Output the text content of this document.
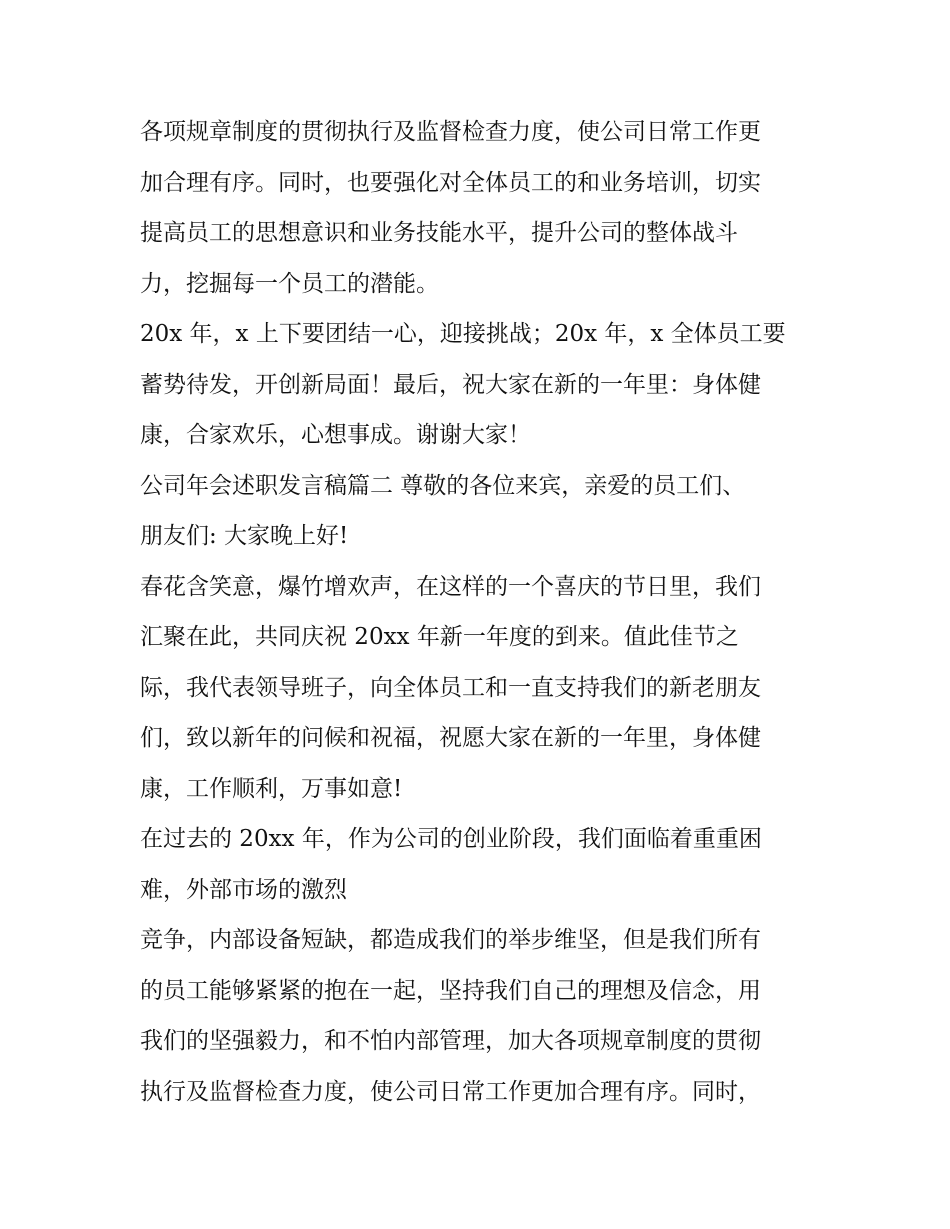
各项规章制度的贯彻执行及监督检查力度，使公司日常工作更
加合理有序。同时，也要强化对全体员工的和业务培训，切实
提高员工的思想意识和业务技能水平，提升公司的整体战斗
力，挖掘每一个员工的潜能。
20x 年，x 上下要团结一心，迎接挑战；20x 年，x 全体员工要
蓄势待发，开创新局面！最后，祝大家在新的一年里：身体健
康，合家欢乐，心想事成。谢谢大家！
公司年会述职发言稿篇二 尊敬的各位来宾，亲爱的员工们、
朋友们: 大家晚上好!
春花含笑意，爆竹增欢声，在这样的一个喜庆的节日里，我们
汇聚在此，共同庆祝 20xx 年新一年度的到来。值此佳节之
际，我代表领导班子，向全体员工和一直支持我们的新老朋友
们，致以新年的问候和祝福，祝愿大家在新的一年里，身体健
康，工作顺利，万事如意!
在过去的 20xx 年，作为公司的创业阶段，我们面临着重重困
难，外部市场的激烈
竞争，内部设备短缺，都造成我们的举步维坚，但是我们所有
的员工能够紧紧的抱在一起，坚持我们自己的理想及信念，用
我们的坚强毅力，和不怕内部管理，加大各项规章制度的贯彻
执行及监督检查力度，使公司日常工作更加合理有序。同时，
